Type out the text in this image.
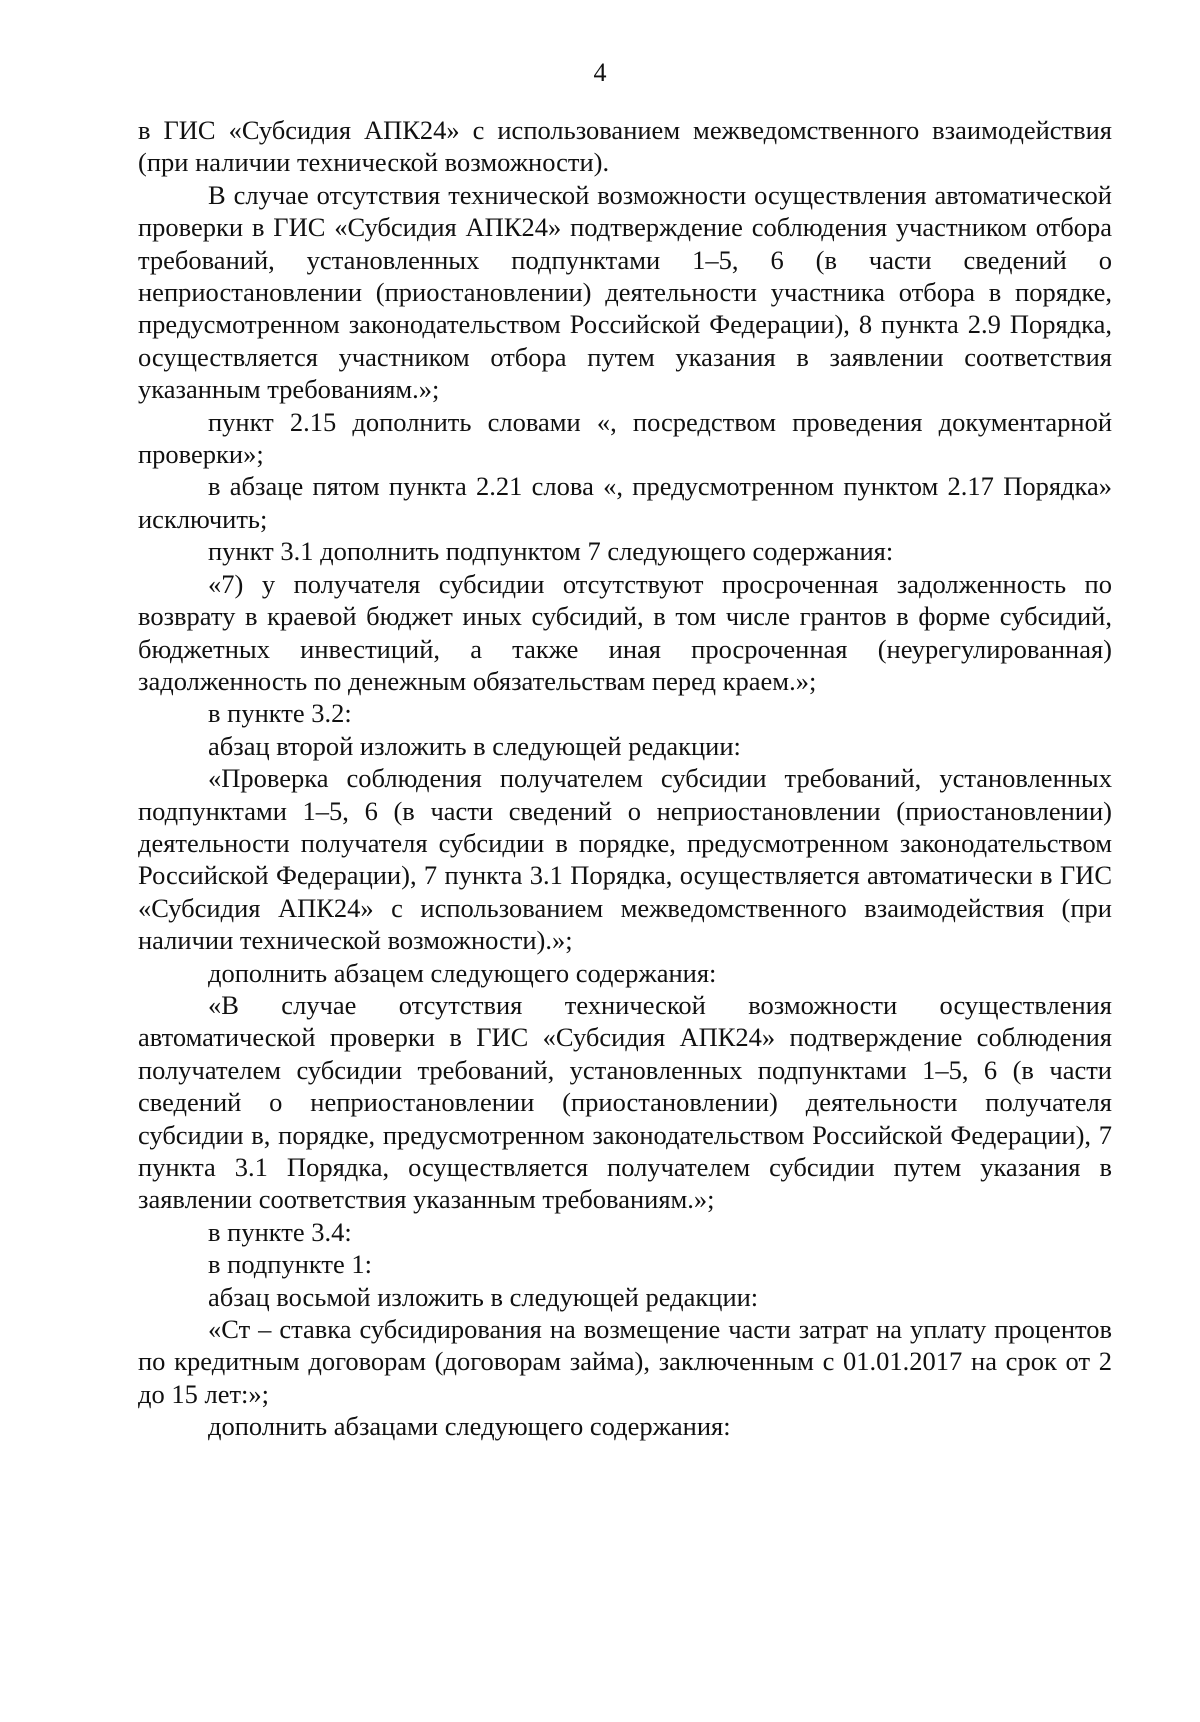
4

в ГИС «Субсидия АПК24» с использованием межведомственного взаимодействия (при наличии технической возможности).

В случае отсутствия технической возможности осуществления автоматической проверки в ГИС «Субсидия АПК24» подтверждение соблюдения участником отбора требований, установленных подпунктами 1–5, 6 (в части сведений о неприостановлении (приостановлении) деятельности участника отбора в порядке, предусмотренном законодательством Российской Федерации), 8 пункта 2.9 Порядка, осуществляется участником отбора путем указания в заявлении соответствия указанным требованиям.»;

пункт 2.15 дополнить словами «, посредством проведения документарной проверки»;

в абзаце пятом пункта 2.21 слова «, предусмотренном пунктом 2.17 Порядка» исключить;

пункт 3.1 дополнить подпунктом 7 следующего содержания:

«7) у получателя субсидии отсутствуют просроченная задолженность по возврату в краевой бюджет иных субсидий, в том числе грантов в форме субсидий, бюджетных инвестиций, а также иная просроченная (неурегулированная) задолженность по денежным обязательствам перед краем.»;

в пункте 3.2:

абзац второй изложить в следующей редакции:

«Проверка соблюдения получателем субсидии требований, установленных подпунктами 1–5, 6 (в части сведений о неприостановлении (приостановлении) деятельности получателя субсидии в порядке, предусмотренном законодательством Российской Федерации), 7 пункта 3.1 Порядка, осуществляется автоматически в ГИС «Субсидия АПК24» с использованием межведомственного взаимодействия (при наличии технической возможности).»;

дополнить абзацем следующего содержания:

«В случае отсутствия технической возможности осуществления автоматической проверки в ГИС «Субсидия АПК24» подтверждение соблюдения получателем субсидии требований, установленных подпунктами 1–5, 6 (в части сведений о неприостановлении (приостановлении) деятельности получателя субсидии в, порядке, предусмотренном законодательством Российской Федерации), 7 пункта 3.1 Порядка, осуществляется получателем субсидии путем указания в заявлении соответствия указанным требованиям.»;

в пункте 3.4:

в подпункте 1:

абзац восьмой изложить в следующей редакции:

«Ст – ставка субсидирования на возмещение части затрат на уплату процентов по кредитным договорам (договорам займа), заключенным с 01.01.2017 на срок от 2 до 15 лет:»;

дополнить абзацами следующего содержания:
